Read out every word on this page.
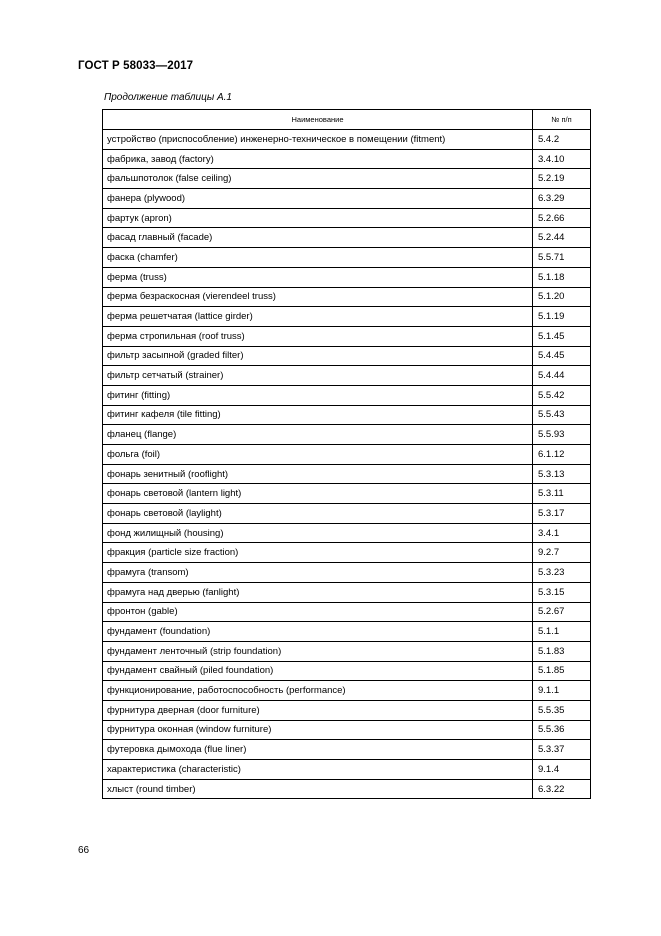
ГОСТ Р 58033—2017
Продолжение таблицы А.1
Наименование	№ п/п
устройство (приспособление) инженерно-техническое в помещении (fitment)	5.4.2
фабрика, завод (factory)	3.4.10
фальшпотолок (false ceiling)	5.2.19
фанера (plywood)	6.3.29
фартук (apron)	5.2.66
фасад главный (facade)	5.2.44
фаска (chamfer)	5.5.71
ферма (truss)	5.1.18
ферма безраскосная (vierendeel truss)	5.1.20
ферма решетчатая (lattice girder)	5.1.19
ферма стропильная (roof truss)	5.1.45
фильтр засыпной (graded filter)	5.4.45
фильтр сетчатый (strainer)	5.4.44
фитинг (fitting)	5.5.42
фитинг кафеля (tile fitting)	5.5.43
фланец (flange)	5.5.93
фольга (foil)	6.1.12
фонарь зенитный (rooflight)	5.3.13
фонарь световой (lantern light)	5.3.11
фонарь световой (laylight)	5.3.17
фонд жилищный (housing)	3.4.1
фракция (particle size fraction)	9.2.7
фрамуга (transom)	5.3.23
фрамуга над дверью (fanlight)	5.3.15
фронтон (gable)	5.2.67
фундамент (foundation)	5.1.1
фундамент ленточный (strip foundation)	5.1.83
фундамент свайный (piled foundation)	5.1.85
функционирование, работоспособность (performance)	9.1.1
фурнитура дверная (door furniture)	5.5.35
фурнитура оконная (window furniture)	5.5.36
футеровка дымохода (flue liner)	5.3.37
характеристика (characteristic)	9.1.4
хлыст (round timber)	6.3.22
66
